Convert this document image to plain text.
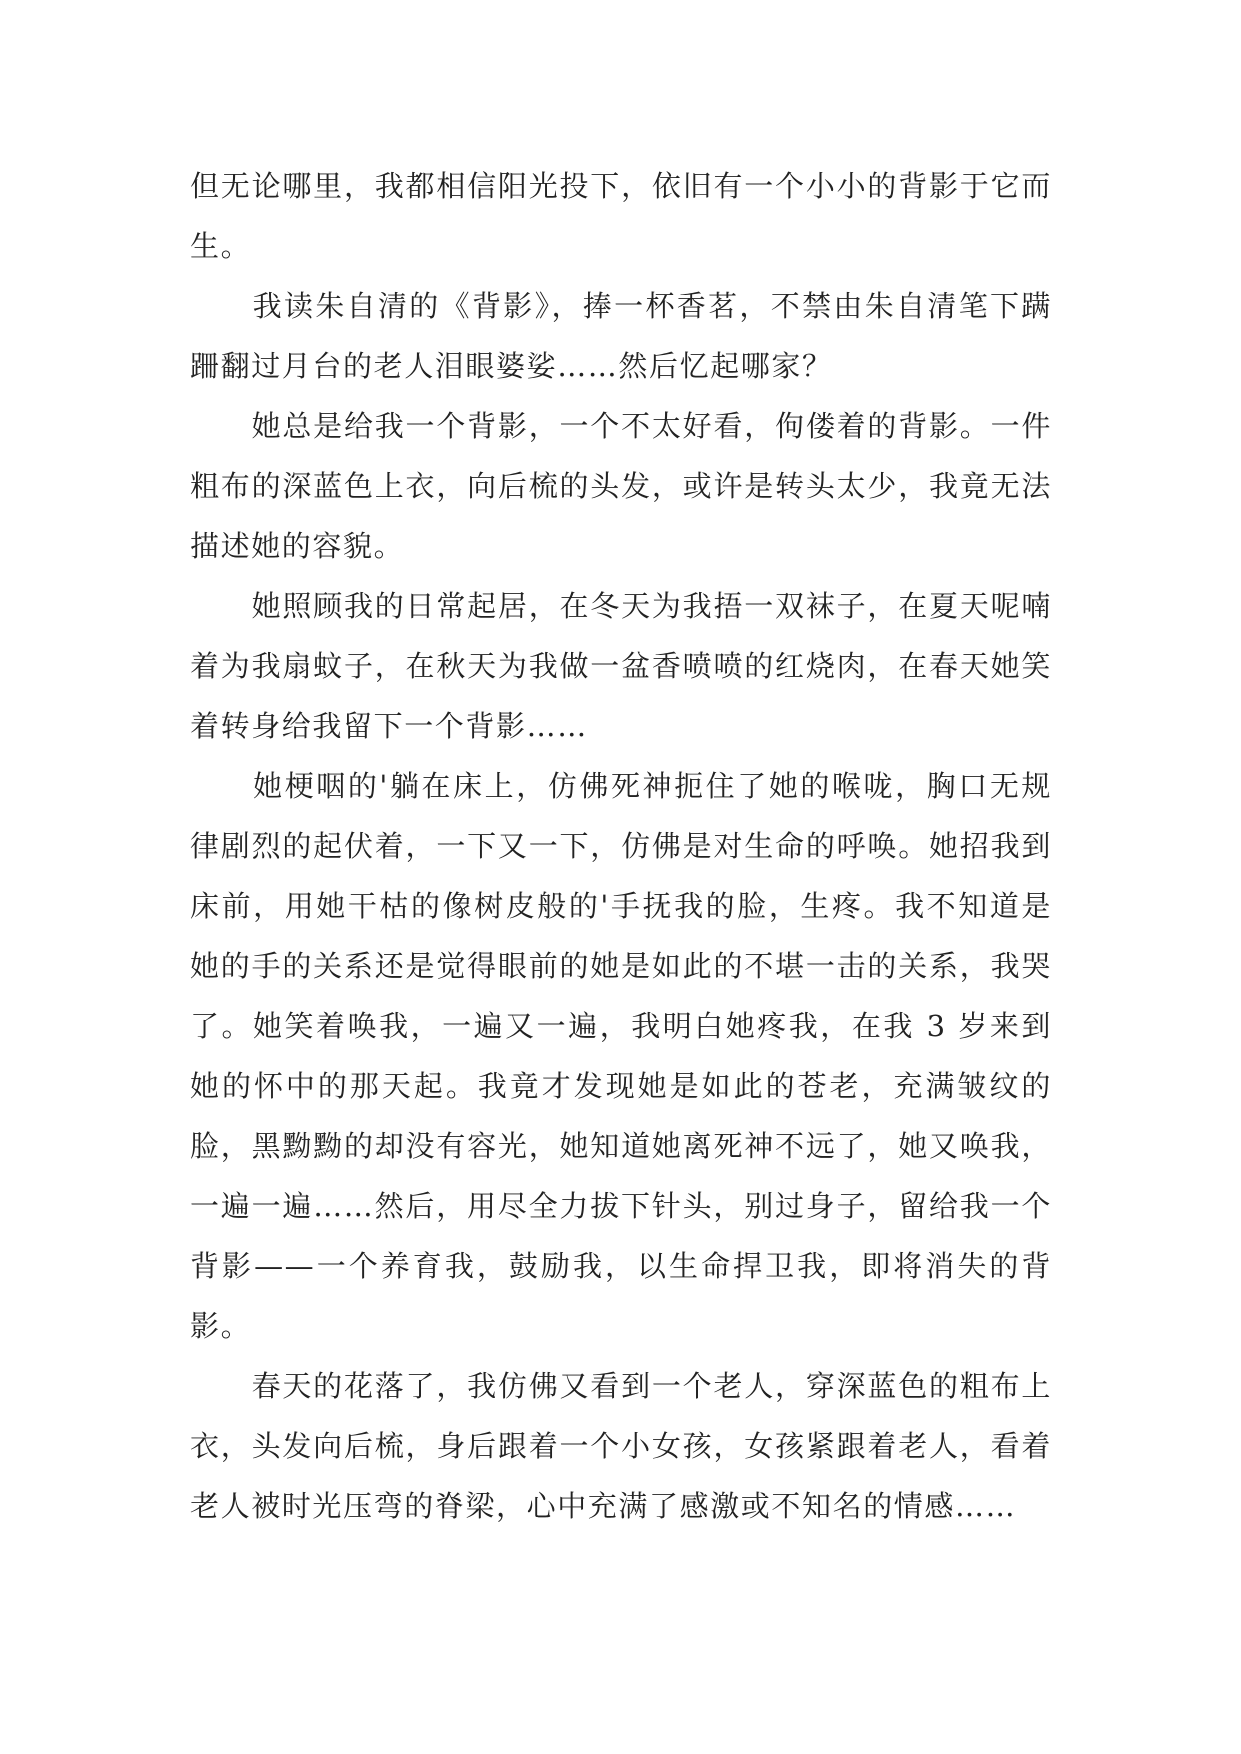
但无论哪里，我都相信阳光投下，依旧有一个小小的背影于它而生。

　　我读朱自清的《背影》，捧一杯香茗，不禁由朱自清笔下蹒跚翻过月台的老人泪眼婆娑……然后忆起哪家？

　　她总是给我一个背影，一个不太好看，佝偻着的背影。一件粗布的深蓝色上衣，向后梳的头发，或许是转头太少，我竟无法描述她的容貌。

　　她照顾我的日常起居，在冬天为我捂一双袜子，在夏天呢喃着为我扇蚊子，在秋天为我做一盆香喷喷的红烧肉，在春天她笑着转身给我留下一个背影……

　　她梗咽的'躺在床上，仿佛死神扼住了她的喉咙，胸口无规律剧烈的起伏着，一下又一下，仿佛是对生命的呼唤。她招我到床前，用她干枯的像树皮般的'手抚我的脸，生疼。我不知道是她的手的关系还是觉得眼前的她是如此的不堪一击的关系，我哭了。她笑着唤我，一遍又一遍，我明白她疼我，在我 3 岁来到她的怀中的那天起。我竟才发现她是如此的苍老，充满皱纹的脸，黑黝黝的却没有容光，她知道她离死神不远了，她又唤我，一遍一遍……然后，用尽全力拔下针头，别过身子，留给我一个背影——一个养育我，鼓励我，以生命捍卫我，即将消失的背影。

　　春天的花落了，我仿佛又看到一个老人，穿深蓝色的粗布上衣，头发向后梳，身后跟着一个小女孩，女孩紧跟着老人，看着老人被时光压弯的脊梁，心中充满了感激或不知名的情感……
